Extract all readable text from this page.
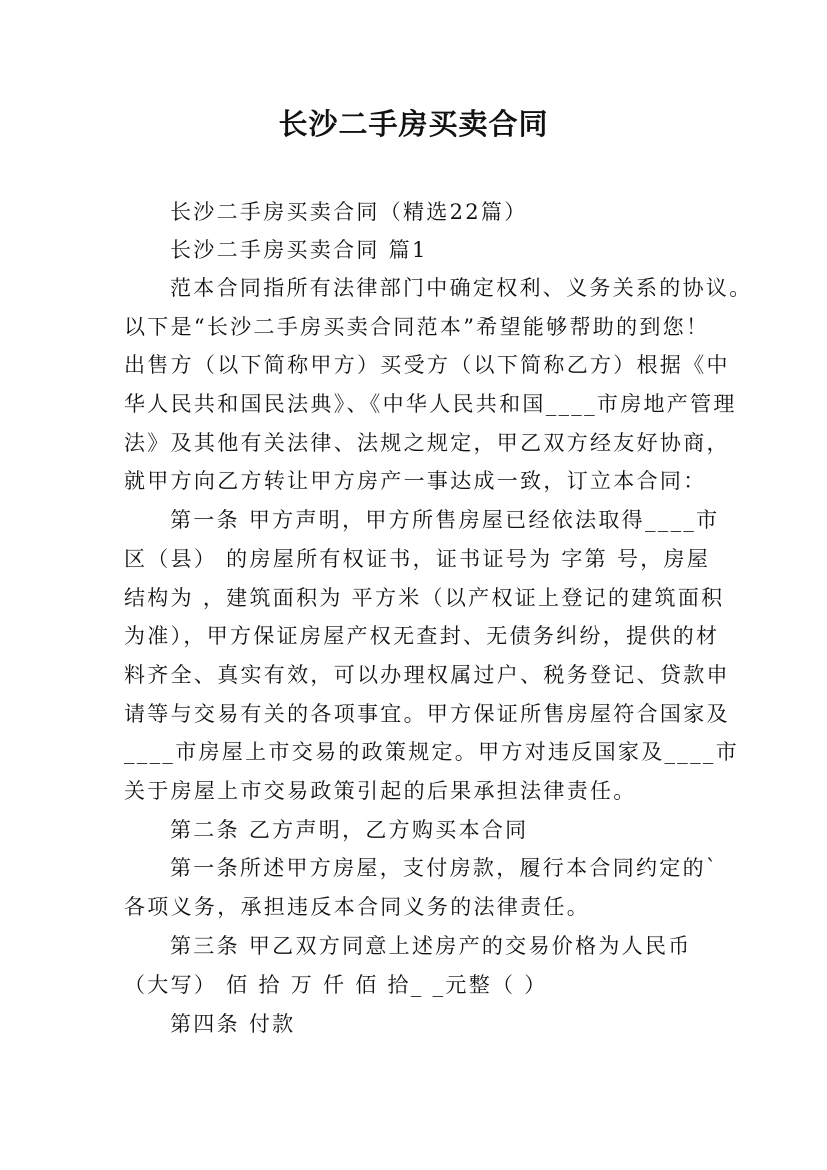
长沙二手房买卖合同
长沙二手房买卖合同（精选22篇）
长沙二手房买卖合同 篇1
范本合同指所有法律部门中确定权利、义务关系的协议。
以下是“长沙二手房买卖合同范本”希望能够帮助的到您！
出售方（以下简称甲方）买受方（以下简称乙方）根据《中
华人民共和国民法典》、《中华人民共和国____市房地产管理
法》及其他有关法律、法规之规定，甲乙双方经友好协商，
就甲方向乙方转让甲方房产一事达成一致，订立本合同：
第一条 甲方声明，甲方所售房屋已经依法取得____市
区（县） 的房屋所有权证书，证书证号为 字第 号，房屋
结构为 ，建筑面积为 平方米（以产权证上登记的建筑面积
为准），甲方保证房屋产权无查封、无债务纠纷，提供的材
料齐全、真实有效，可以办理权属过户、税务登记、贷款申
请等与交易有关的各项事宜。甲方保证所售房屋符合国家及
____市房屋上市交易的政策规定。甲方对违反国家及____市
关于房屋上市交易政策引起的后果承担法律责任。
第二条 乙方声明，乙方购买本合同
第一条所述甲方房屋，支付房款，履行本合同约定的`
各项义务，承担违反本合同义务的法律责任。
第三条 甲乙双方同意上述房产的交易价格为人民币
（大写） 佰 拾 万 仟 佰 拾_ _元整（ ）
第四条 付款
